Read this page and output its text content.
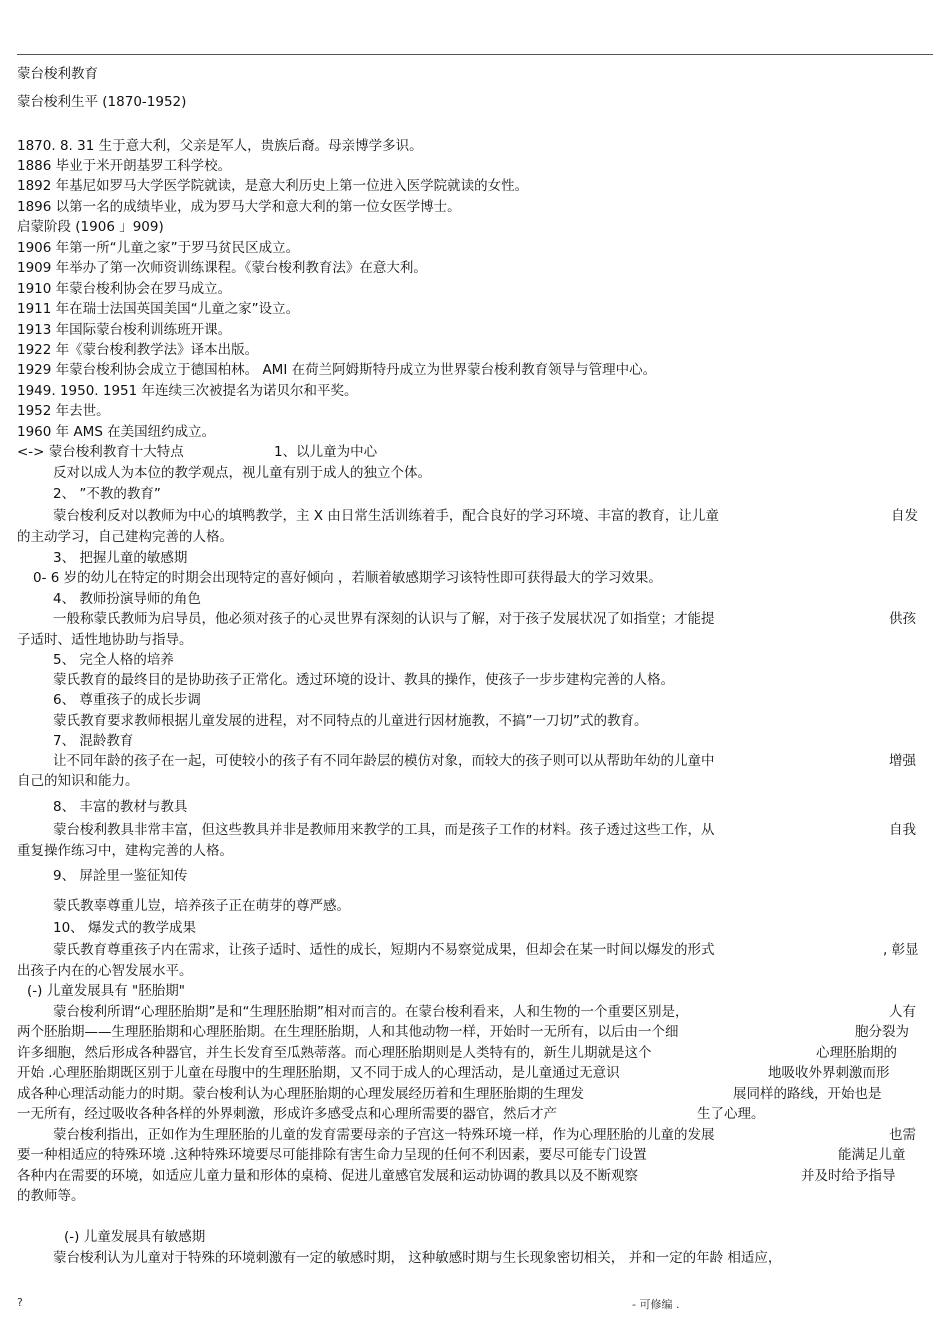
蒙台梭利教育
蒙台梭利生平 (1870-1952)
1870. 8. 31 生于意大利，父亲是军人，贵族后裔。母亲博学多识。
1886 毕业于米开朗基罗工科学校。
1892 年基尼如罗马大学医学院就读，是意大利历史上第一位进入医学院就读的女性。
1896 以第一名的成绩毕业，成为罗马大学和意大利的第一位女医学博士。
启蒙阶段 (1906 」909)
1906 年第一所“儿童之家”于罗马贫民区成立。
1909 年举办了第一次师资训练课程。《蒙台梭利教育法》在意大利。
1910 年蒙台梭利协会在罗马成立。
1911 年在瑞士法国英国美国“儿童之家”设立。
1913 年国际蒙台梭利训练班开课。
1922 年《蒙台梭利教学法》译本出版。
1929 年蒙台梭利协会成立于德国柏林。 AMI 在荷兰阿姆斯特丹成立为世界蒙台梭利教育领导与管理中心。
1949. 1950. 1951 年连续三次被提名为诺贝尔和平奖。
1952 年去世。
1960 年 AMS 在美国纽约成立。
<-> 蒙台梭利教育十大特点	1、以儿童为中心
反对以成人为本位的教学观点，视儿童有别于成人的独立个体。
2、 ”不教的教育”
蒙台梭利反对以教师为中心的填鸭教学，主 X 由日常生活训练着手，配合良好的学习环境、丰富的教育，让儿童	自发
的主动学习，自己建构完善的人格。
3、 把握儿童的敏感期
0- 6 岁的幼儿在特定的时期会出现特定的喜好倾向 ，若顺着敏感期学习该特性即可获得最大的学习效果。
4、 教师扮演导师的角色
一般称蒙氏教师为启导员，他必须对孩子的心灵世界有深刻的认识与了解，对于孩子发展状况了如指堂；才能提	供孩
子适时、适性地协助与指导。
5、 完全人格的培养
蒙氏教育的最终目的是协助孩子正常化。透过环境的设计、教具的操作，使孩子一步步建构完善的人格。
6、 尊重孩子的成长步调
蒙氏教育要求教师根据儿童发展的进程，对不同特点的儿童进行因材施教，不搞”一刀切”式的教育。
7、 混龄教育
让不同年龄的孩子在一起，可使较小的孩子有不同年龄层的模仿对象，而较大的孩子则可以从帮助年幼的儿童中	增强
自己的知识和能力。
8、 丰富的教材与教具
蒙台梭利教具非常丰富，但这些教具并非是教师用来教学的工具，而是孩子工作的材料。孩子透过这些工作，从	自我
重复操作练习中，建构完善的人格。
9、 屏詮里一鉴征知传
蒙氏教辜尊重儿豈，培养孩子正在萌芽的尊严感。
10、 爆发式的教学成果
蒙氏教育尊重孩子内在需求，让孩子适时、适性的成长，短期内不易察觉成果，但却会在某一时间以爆发的形式	, 彰显
出孩子内在的心智发展水平。
(-) 儿童发展具有 "胚胎期"
蒙台梭利所谓“心理胚胎期”是和“生理胚胎期”相对而言的。在蒙台梭利看来，人和生物的一个重要区别是，	人有
两个胚胎期——生理胚胎期和心理胚胎期。在生理胚胎期，人和其他动物一样，开始时一无所有，以后由一个细	胞分裂为
许多细胞，然后形成各种器官，并生长发育至瓜熟蒂落。而心理胚胎期则是人类特有的，新生儿期就是这个	心理胚胎期的
开始 .心理胚胎期既区别于儿童在母腹中的生理胚胎期，又不同于成人的心理活动，是儿童通过无意识	地吸收外界刺激而形
成各种心理活动能力的时期。蒙台梭利认为心理胚胎期的心理发展经历着和生理胚胎期的生理发	展同样的路线，开始也是
一无所有，经过吸收各种各样的外界刺激，形成许多感受点和心理所需要的器官，然后才产	生了心理。
蒙台梭利指出，正如作为生理胚胎的儿童的发育需要母亲的子宫这一特殊环境一样，作为心理胚胎的儿童的发展	也需
要一种相适应的特殊环境 .这种特殊环境要尽可能排除有害生命力呈现的任何不利因素，要尽可能专门设置	能满足儿童
各种内在需要的环境，如适应儿童力量和形体的桌椅、促进儿童感官发展和运动协调的教具以及不断观察	并及时给予指导
的教师等。
(-) 儿童发展具有敏感期
蒙台梭利认为儿童对于特殊的环境刺激有一定的敏感时期， 这种敏感时期与生长现象密切相关， 并和一定的年龄 相适应，
?	- 可修编 .
